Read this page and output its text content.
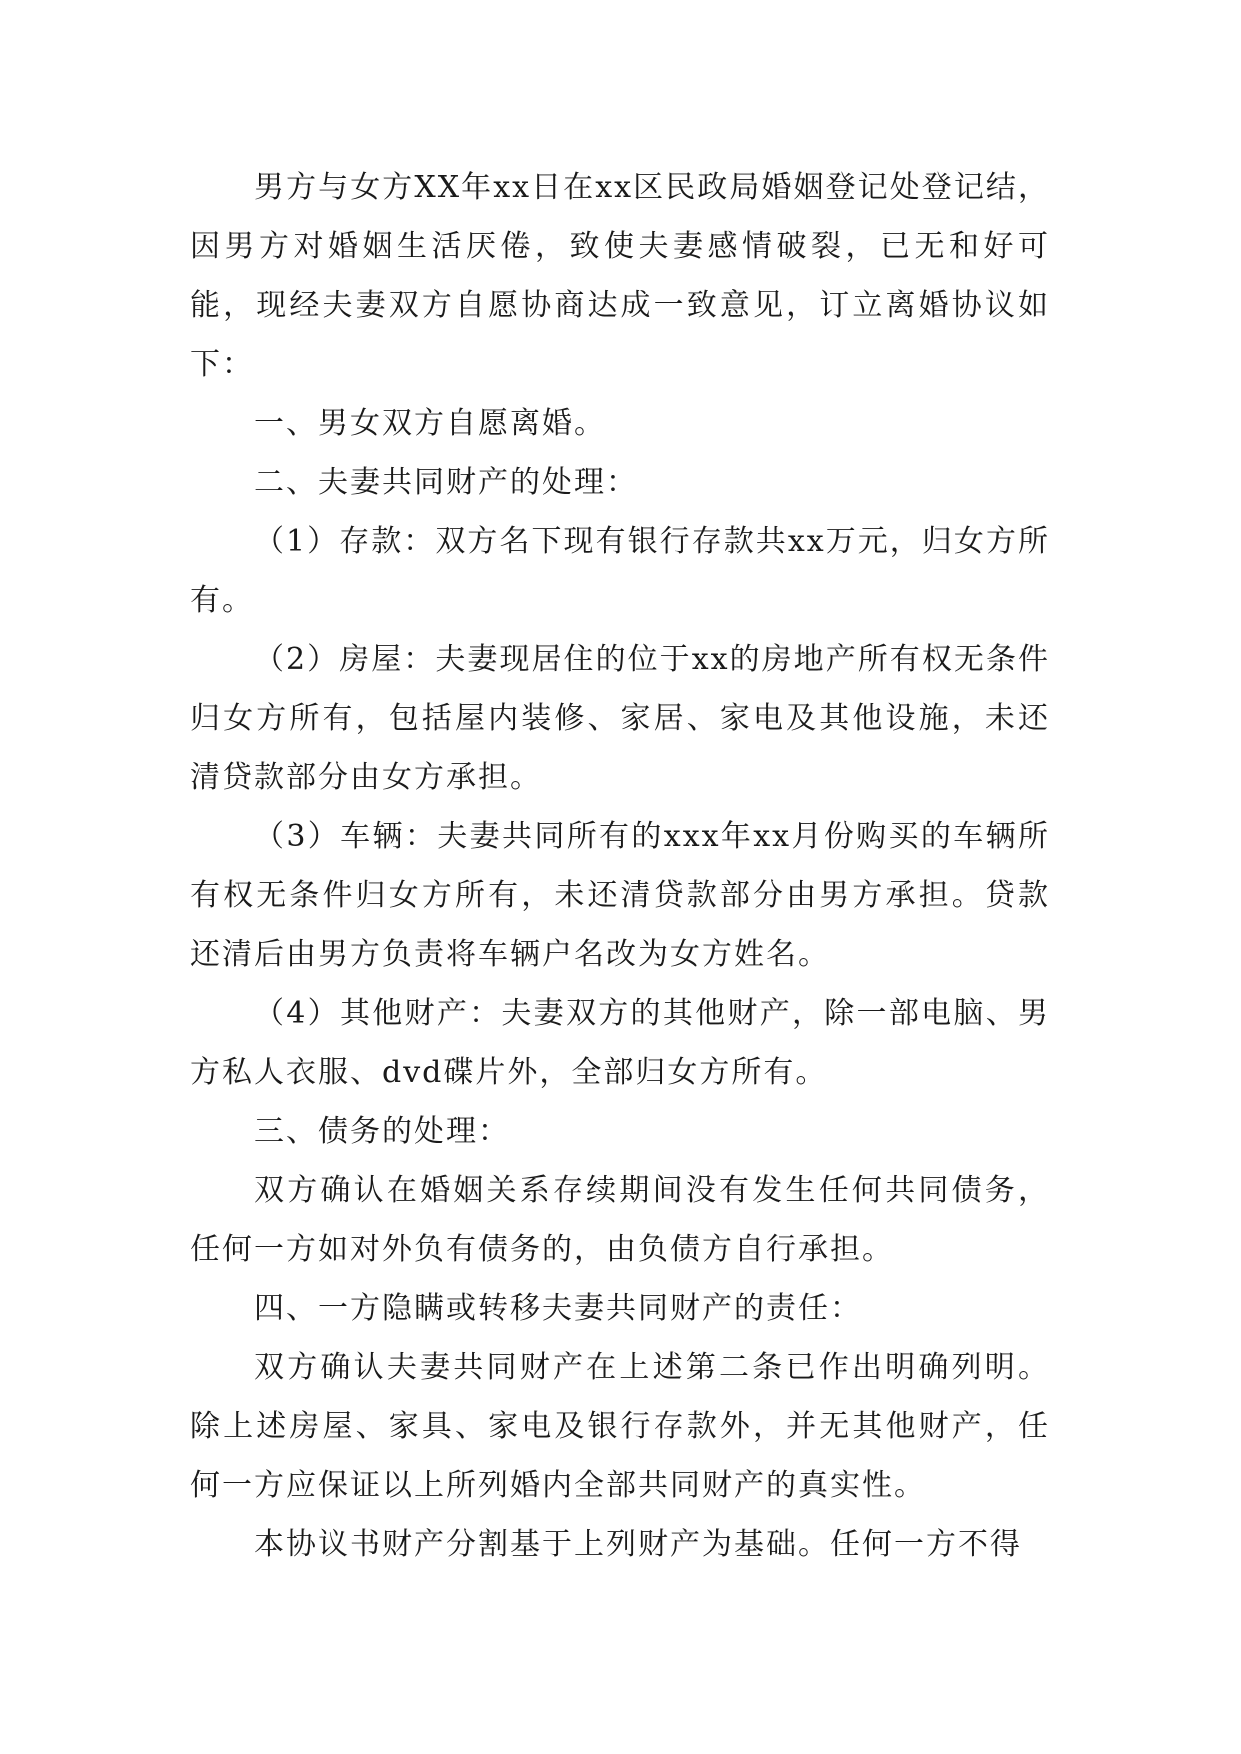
男方与女方XX年xx日在xx区民政局婚姻登记处登记结，因男方对婚姻生活厌倦，致使夫妻感情破裂，已无和好可能，现经夫妻双方自愿协商达成一致意见，订立离婚协议如下：

一、男女双方自愿离婚。

二、夫妻共同财产的处理：

（1）存款：双方名下现有银行存款共xx万元，归女方所有。

（2）房屋：夫妻现居住的位于xx的房地产所有权无条件归女方所有，包括屋内装修、家居、家电及其他设施，未还清贷款部分由女方承担。

（3）车辆：夫妻共同所有的xxx年xx月份购买的车辆所有权无条件归女方所有，未还清贷款部分由男方承担。贷款还清后由男方负责将车辆户名改为女方姓名。

（4）其他财产：夫妻双方的其他财产，除一部电脑、男方私人衣服、dvd碟片外，全部归女方所有。

三、债务的处理：

双方确认在婚姻关系存续期间没有发生任何共同债务，任何一方如对外负有债务的，由负债方自行承担。

四、一方隐瞒或转移夫妻共同财产的责任：

双方确认夫妻共同财产在上述第二条已作出明确列明。除上述房屋、家具、家电及银行存款外，并无其他财产，任何一方应保证以上所列婚内全部共同财产的真实性。

本协议书财产分割基于上列财产为基础。任何一方不得
